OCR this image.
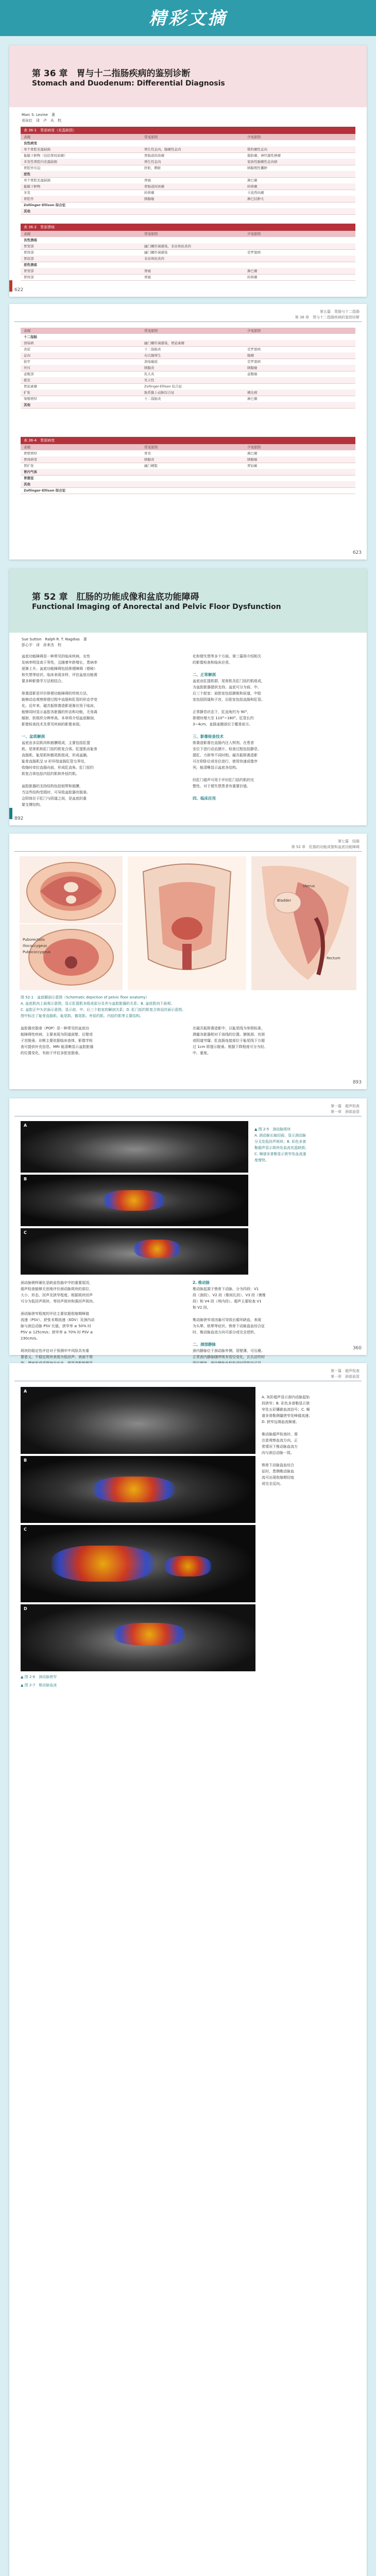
精彩文摘
第 36 章　胃与十二指肠疾病的鉴别诊断
Stomach and Duodenum: Differential Diagnosis
Marc S. Levine　著
刘永红　译　卢　从　校
表 36-1　胃部病变（充盈缺损）
表现	常见原因	少见原因
良性病变
单个胃腔充盈缺损	增生性息肉，腺瘤性息肉	错构瘤性息肉
黏膜下肿物（包括胃间质瘤）	胃肠道间质瘤	脂肪瘤，神经源性肿瘤
多发性胃腔内充盈缺损	增生性息肉	家族性腺瘤性息肉病
胃腔外压迫	肝脏，脾脏	胰腺假性囊肿
恶性
单个胃腔充盈缺损	胃癌	淋巴瘤
黏膜下肿物	胃肠道间质瘤	转移瘤
多发	转移瘤	卡波西肉瘤
胃腔外	胰腺癌	淋巴结肿大
Zollinger-Ellison 综合征
其他
表 36-2　胃部溃疡
表现	常见原因	少见原因
良性溃疡
胃窦部	幽门螺杆菌感染，非甾体抗炎药
胃体部	幽门螺杆菌感染	克罗恩病
胃底部	非甾体抗炎药
恶性溃疡
胃窦部	胃癌	淋巴瘤
胃体部	胃癌	转移瘤
622
第五篇　胃肠与十二指肠
第 36 章　胃与十二指肠疾病的鉴别诊断
表现	常见原因	少见原因
十二指肠
溃疡病	幽门螺杆菌感染，胃泌素瘤
炎症	十二指肠炎	克罗恩病
息肉	布氏腺增生	腺瘤
狭窄	溃疡瘢痕	克罗恩病
外压	胰腺炎	胰腺癌
壶腹部	乳头炎	壶腹癌
憩室	先天性
胃泌素瘤	Zollinger-Ellison 综合征
扩张	肠系膜上动脉综合征	硬皮病
皱襞增厚	十二指肠炎	淋巴瘤
其他
表 36-4　胃部病变
表现	常见原因	少见原因
胃壁增厚	胃炎	淋巴瘤
胃周病变	胰腺炎	胰腺癌
胃扩张	幽门梗阻	胃轻瘫
胃内气体
胃憩室
其他
Zollinger-Ellison 综合征
623
第 52 章　肛肠的功能成像和盆底功能障碍
Functional Imaging of Anorectal and Pelvic Floor Dysfunction
Sue Sutton　Ralph R. T. Nagdias　著
彭心宇　译　孙来杰　校
盆底功能障碍是一种常见的临床疾病，女性
发病率明显高于男性，且随着年龄增长，患病率
逐渐上升。盆底功能障碍包括排便障碍（便秘）
和失禁等症状。临床表现多样，评估盆底功能需
要多种影像学方法相结合。
排粪造影是评价排便功能障碍的传统方法，
能够动态观察排便过程中直肠和肛管的形态学变
化。近年来，磁共振排粪造影逐渐应用于临床，
能够同时显示盆腔各脏器的形态和功能，无电离
辐射，软组织分辨率高。本章将介绍盆底解剖、
影像检查技术及常见疾病的影像表现。
一、盆底解剖
盆底由多层肌肉和筋膜组成，主要包括肛提
肌、尾骨肌和肛门括约肌复合体。肛提肌由耻骨
直肠肌、耻尾肌和髂尾肌组成，形成盆膈。
耻骨直肠肌呈 U 形环绕直肠肛管交界处，
收缩时牵拉直肠向前，形成肛直角。肛门括约
肌复合体包括内括约肌和外括约肌。
盆腔脏器的支持结构包括韧带和筋膜，
当这些结构受损时，可导致盆腔器官脱垂。
会阴体位于肛门与阴道之间，是盆底的重
要支撑结构。
化和便失禁等多个方面。第三篇将介绍相关
的影像检查和临床应用。
二、正常解剖
盆底由肛提肌群、尾骨肌及肛门括约肌组成，
为盆腔脏器提供支持。盆底可分为前、中、
后三个腔室：前腔室包括膀胱和尿道，中腔
室包括阴道和子宫，后腔室包括直肠和肛管。
正常静息状态下，肛直角约为 90°，
排便时增大至 110°~180°。肛管长约
3~4cm，直肠壶腹部位于骶骨前方。
三、影像检查技术
排粪造影需在直肠内注入钡剂，在患者
坐位下进行动态摄片。检查过程包括静息、
提肛、力排等不同时相。磁共振排粪造影
可在仰卧位或坐位进行，使用快速成像序
列，能清晰显示盆底各结构。
经肛门超声可用于评价肛门括约肌的完
整性，对于便失禁患者有重要价值。
四、临床应用
892
第七篇　结肠
第 52 章　肛肠的功能成像和盆底功能障碍
Puborectalis
Iliococcygeus
Pubococcygeus
Bladder
Uterus
Rectum
图 52-1　盆底解剖示意图（Schematic depiction of pelvic floor anatomy）
A. 盆底肌肉上面观示意图，显示肛提肌各组成部分及其与盆腔脏器的关系；B. 盆底肌肉下面观；
C. 盆腔正中矢状面示意图，显示前、中、后三个腔室的解剖关系；D. 肛门括约肌复合体冠状面示意图。
图中标注了耻骨直肠肌、耻尾肌、髂尾肌、外括约肌、内括约肌等主要结构。
盆腔器官脱垂（POP）是一种常见的盆底功
能障碍性疾病，主要表现为阴道前壁、后壁或
子宫脱垂。诊断主要依据临床查体，影像学检
查可提供补充信息。MRI 能清晰显示盆腔脏器
的位置变化，有助于评估多腔室脱垂。
在磁共振排粪造影中，以耻尾线为参照标准，
测量各脏器相对于该线的位置。膀胱颈、宫颈
或阴道穹窿、肛直肠连接部位于耻尾线下方超
过 1cm 即提示脱垂。根据下降程度可分为轻、
中、重度。
893
第一篇　超声检查
第一章　颈部血管
A
B
C
▲ 图 2-5　颈动脉斑块
A. 颈动脉长轴切面，显示颈动脉
分叉处低回声斑块；B. 彩色多普
勒超声显示斑块处血流充盈缺损；
C. 频谱多普勒显示狭窄处血流速
度增快。
颈动脉粥样硬化是缺血性脑卒中的重要原因，
超声检查能够无创地评价颈动脉斑块的部位、
大小、形态、回声及狭窄程度。根据斑块回声
可分为低回声斑块、等回声斑块和强回声斑块。
颈动脉狭窄程度的评估主要依据收缩期峰值
流速（PSV）、舒张末期流速（EDV）及颈内动
脉与颈总动脉 PSV 比值。狭窄率 ≥ 50% 时
PSV ≥ 125cm/s；狭窄率 ≥ 70% 时 PSV ≥
230cm/s。
斑块的稳定性评估对于预测卒中风险具有重
要意义。不稳定斑块表现为低回声、表面不规
2. 椎动脉
椎动脉起源于锁骨下动脉，分为四段：V1
段（颈段）、V2 段（椎间孔段）、V3 段（寰椎
段）和 V4 段（颅内段）。超声主要检查 V1
和 V2 段。
椎动脉狭窄或闭塞可导致后循环缺血，表现
为头晕、眩晕等症状。锁骨下动脉盗血综合征
时，椎动脉血流方向可部分或完全逆转。
二、颈部静脉
颈内静脉位于颈动脉外侧，管壁薄，可压瘪。
正常颈内静脉随呼吸有管径变化，瓦氏动作时
360
第一篇　超声检查
第一章　颈部血管
A
B
C
D
▲ 图 2-6　颈动脉狭窄
▲ 图 2-7　椎动脉血流
A. 灰阶超声显示颈内动脉起始
段狭窄；B. 彩色多普勒显示狭
窄处五彩镶嵌血流信号；C. 频
谱多普勒测量狭窄处峰值流速；
D. 狭窄远端血流频谱。
椎动脉超声检查时，需
注意观察血流方向，正
常情况下椎动脉血流方
向与颈总动脉一致。
锁骨下动脉盗血综合
征时，患侧椎动脉血
流可出现收缩期切迹
或完全反向。
